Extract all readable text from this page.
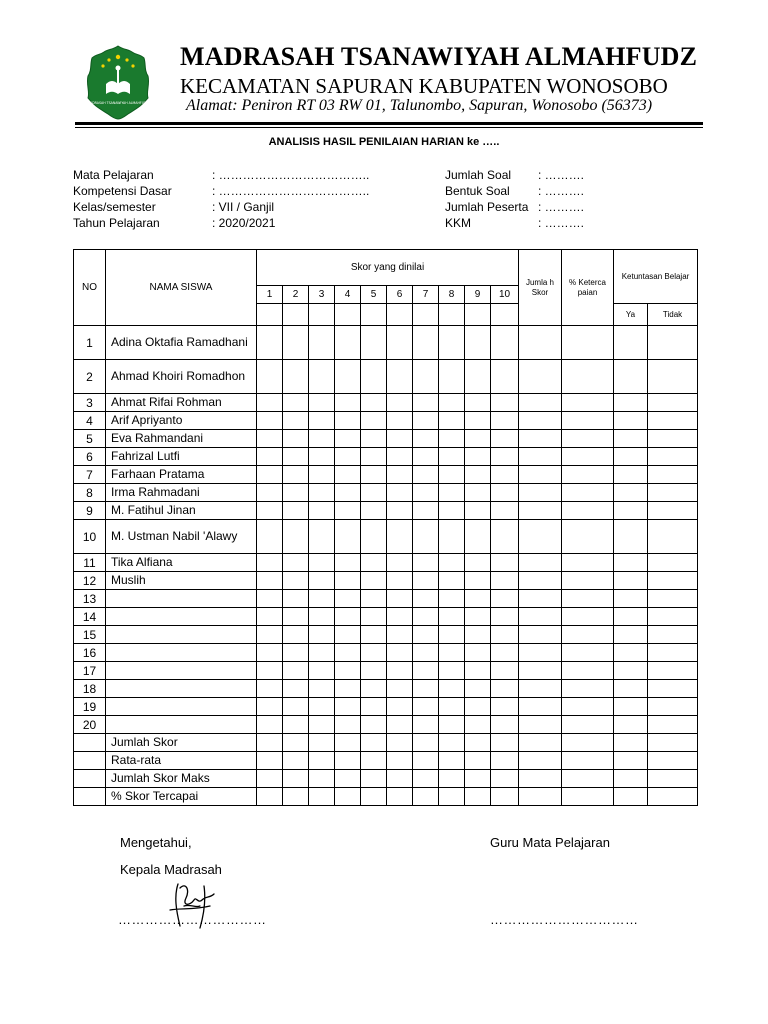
MADRASAH TSANAWIYAH ALMAHFUDZ
MADRASAH TSANAWIYAH ALMAHFUDZ
KECAMATAN SAPURAN KABUPATEN WONOSOBO
Alamat: Peniron RT 03 RW 01, Talunombo, Sapuran, Wonosobo (56373)
ANALISIS HASIL PENILAIAN HARIAN ke …..
Mata Pelajaran	: ………………………………..
Kompetensi Dasar	: ………………………………..
Kelas/semester	: VII / Ganjil
Tahun Pelajaran	: 2020/2021
Jumlah Soal : ……….
Bentuk Soal : ……….
Jumlah Peserta : ……….
KKM	: ……….
NO	NAMA SISWA	Skor yang dinilai										Jumla h Skor	% Keterca paian	Ketuntasan Belajar	
		1	2	3	4	5	6	7	8	9	10				
														Ya	Tidak

1	Adina Oktafia Ramadhani														
2	Ahmad Khoiri Romadhon														
3	Ahmat Rifai Rohman														
4	Arif Apriyanto														
5	Eva Rahmandani														
6	Fahrizal Lutfi														
7	Farhaan Pratama														
8	Irma Rahmadani														
9	M. Fatihul Jinan														
10	M. Ustman Nabil 'Alawy														
11	Tika Alfiana														
12	Muslih														
13															
14															
15															
16															
17															
18															
19															
20															
	Jumlah Skor														
	Rata-rata														
	Jumlah Skor Maks														
	% Skor Tercapai														
Mengetahui,
Kepala Madrasah
Guru Mata Pelajaran
……………………………	……………………………
